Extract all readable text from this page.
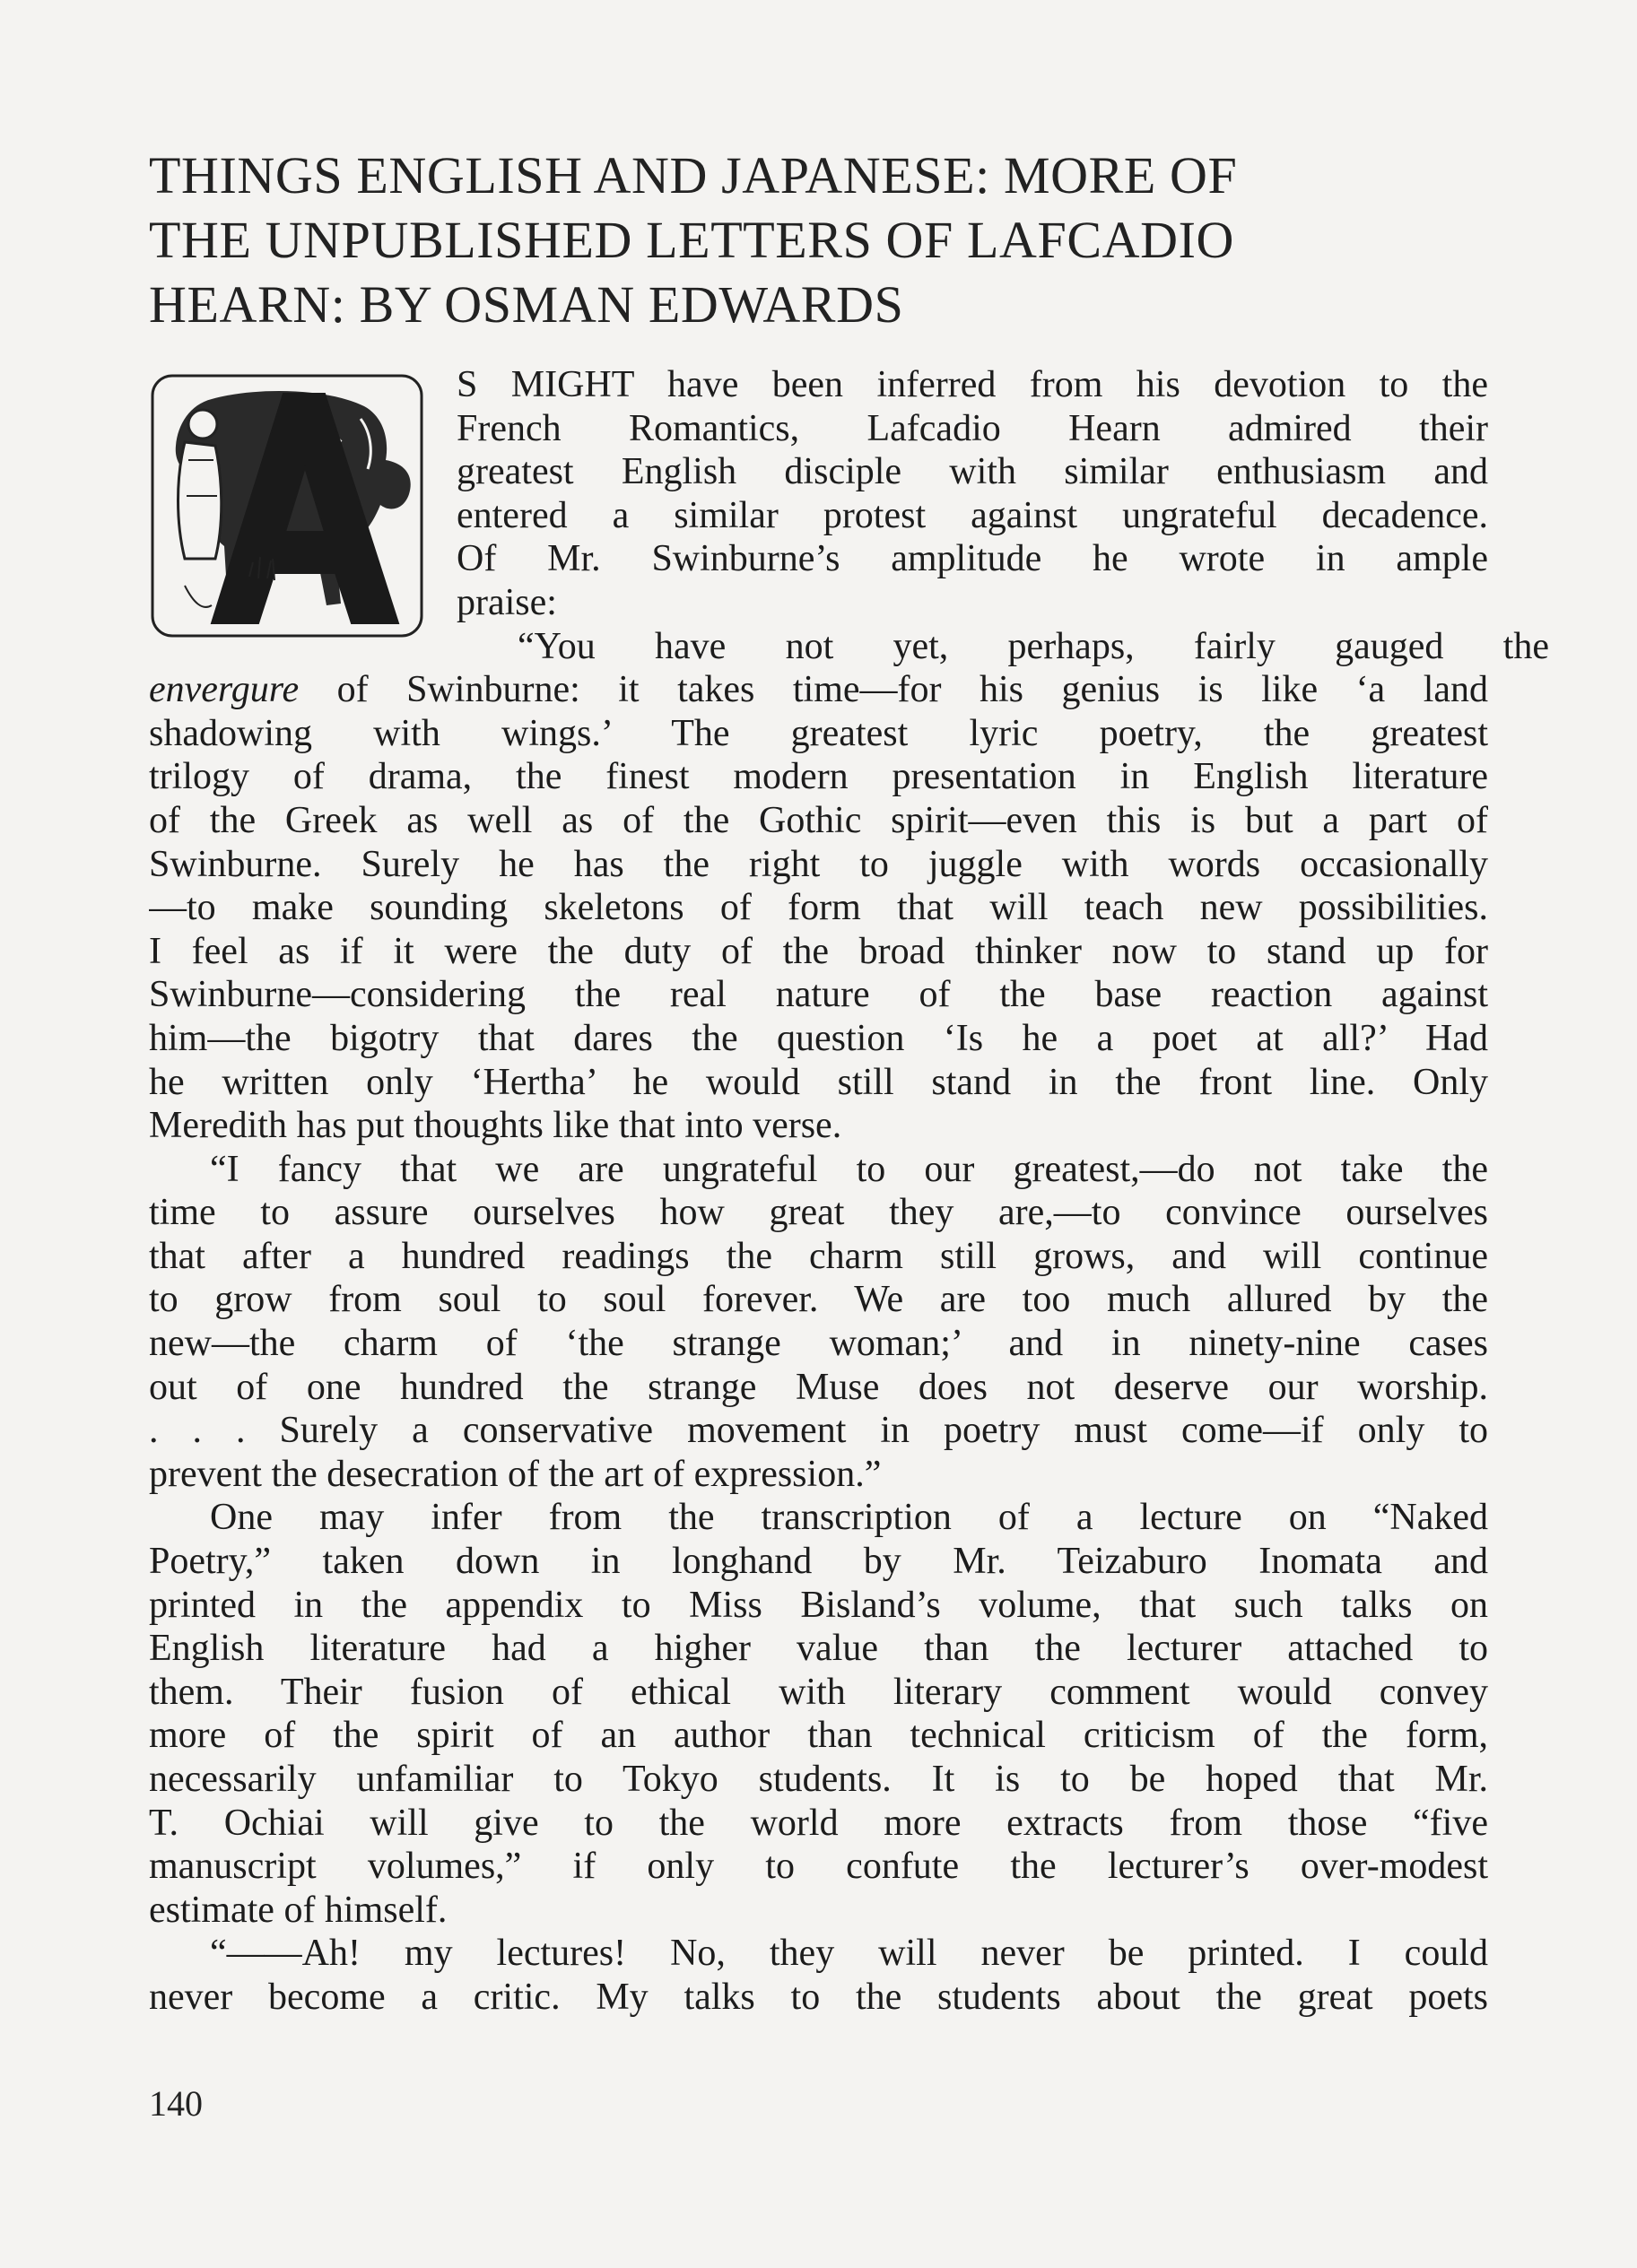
THINGS ENGLISH AND JAPANESE: MORE OF
THE UNPUBLISHED LETTERS OF LAFCADIO
HEARN: BY OSMAN EDWARDS
S MIGHT have been inferred from his devotion to the
French Romantics, Lafcadio Hearn admired their
greatest English disciple with similar enthusiasm and
entered a similar protest against ungrateful decadence.
Of Mr. Swinburne’s amplitude he wrote in ample
praise:
“You have not yet, perhaps, fairly gauged the
envergure of Swinburne: it takes time—for his genius is like ‘a land
shadowing with wings.’ The greatest lyric poetry, the greatest
trilogy of drama, the finest modern presentation in English literature
of the Greek as well as of the Gothic spirit—even this is but a part of
Swinburne. Surely he has the right to juggle with words occasionally
—to make sounding skeletons of form that will teach new possibilities.
I feel as if it were the duty of the broad thinker now to stand up for
Swinburne—considering the real nature of the base reaction against
him—the bigotry that dares the question ‘Is he a poet at all?’ Had
he written only ‘Hertha’ he would still stand in the front line. Only
Meredith has put thoughts like that into verse.
“I fancy that we are ungrateful to our greatest,—do not take the
time to assure ourselves how great they are,—to convince ourselves
that after a hundred readings the charm still grows, and will continue
to grow from soul to soul forever. We are too much allured by the
new—the charm of ‘the strange woman;’ and in ninety-nine cases
out of one hundred the strange Muse does not deserve our worship.
. . . Surely a conservative movement in poetry must come—if only to
prevent the desecration of the art of expression.”
One may infer from the transcription of a lecture on “Naked
Poetry,” taken down in longhand by Mr. Teizaburo Inomata and
printed in the appendix to Miss Bisland’s volume, that such talks on
English literature had a higher value than the lecturer attached to
them. Their fusion of ethical with literary comment would convey
more of the spirit of an author than technical criticism of the form,
necessarily unfamiliar to Tokyo students. It is to be hoped that Mr.
T. Ochiai will give to the world more extracts from those “five
manuscript volumes,” if only to confute the lecturer’s over-modest
estimate of himself.
“——Ah! my lectures! No, they will never be printed. I could
never become a critic. My talks to the students about the great poets
140
